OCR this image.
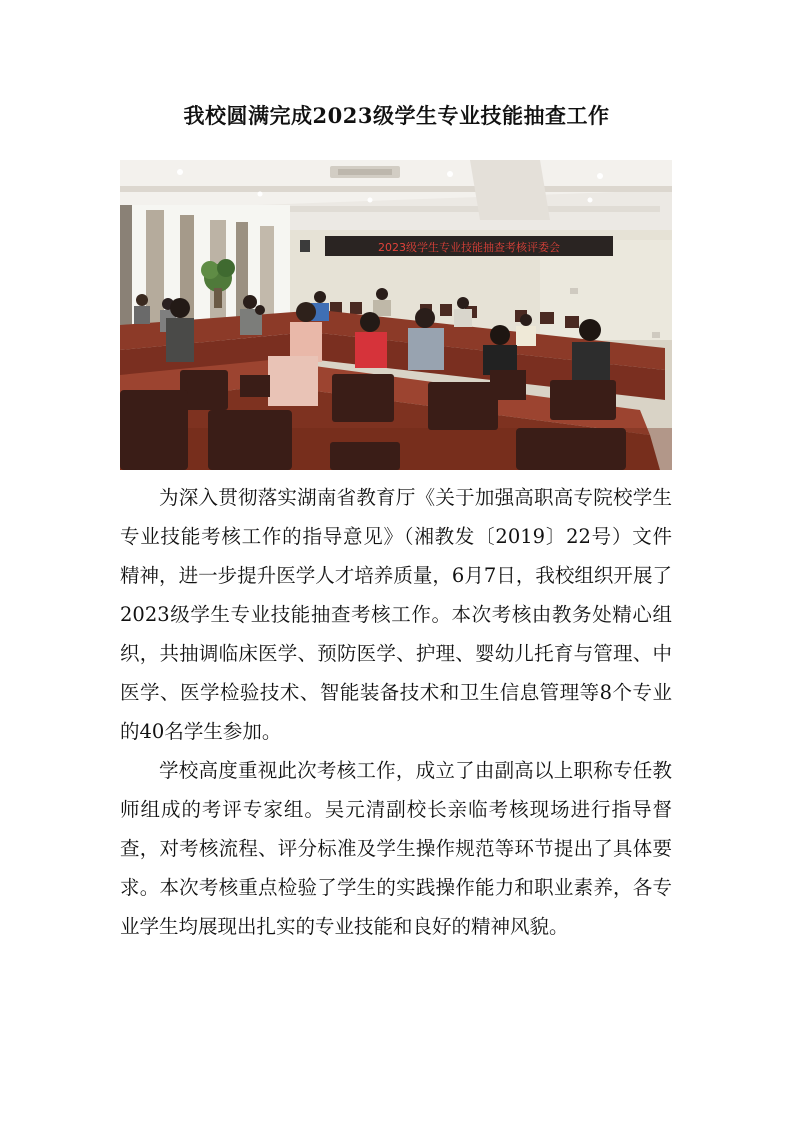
我校圆满完成2023级学生专业技能抽查工作
2023级学生专业技能抽查考核评委会

为深入贯彻落实湖南省教育厅《关于加强高职高专院校学生专业技能考核工作的指导意见》（湘教发〔2019〕22号）文件精神，进一步提升医学人才培养质量，6月7日，我校组织开展了2023级学生专业技能抽查考核工作。本次考核由教务处精心组织，共抽调临床医学、预防医学、护理、婴幼儿托育与管理、中医学、医学检验技术、智能装备技术和卫生信息管理等8个专业的40名学生参加。

学校高度重视此次考核工作，成立了由副高以上职称专任教师组成的考评专家组。吴元清副校长亲临考核现场进行指导督查，对考核流程、评分标准及学生操作规范等环节提出了具体要求。本次考核重点检验了学生的实践操作能力和职业素养，各专业学生均展现出扎实的专业技能和良好的精神风貌。
